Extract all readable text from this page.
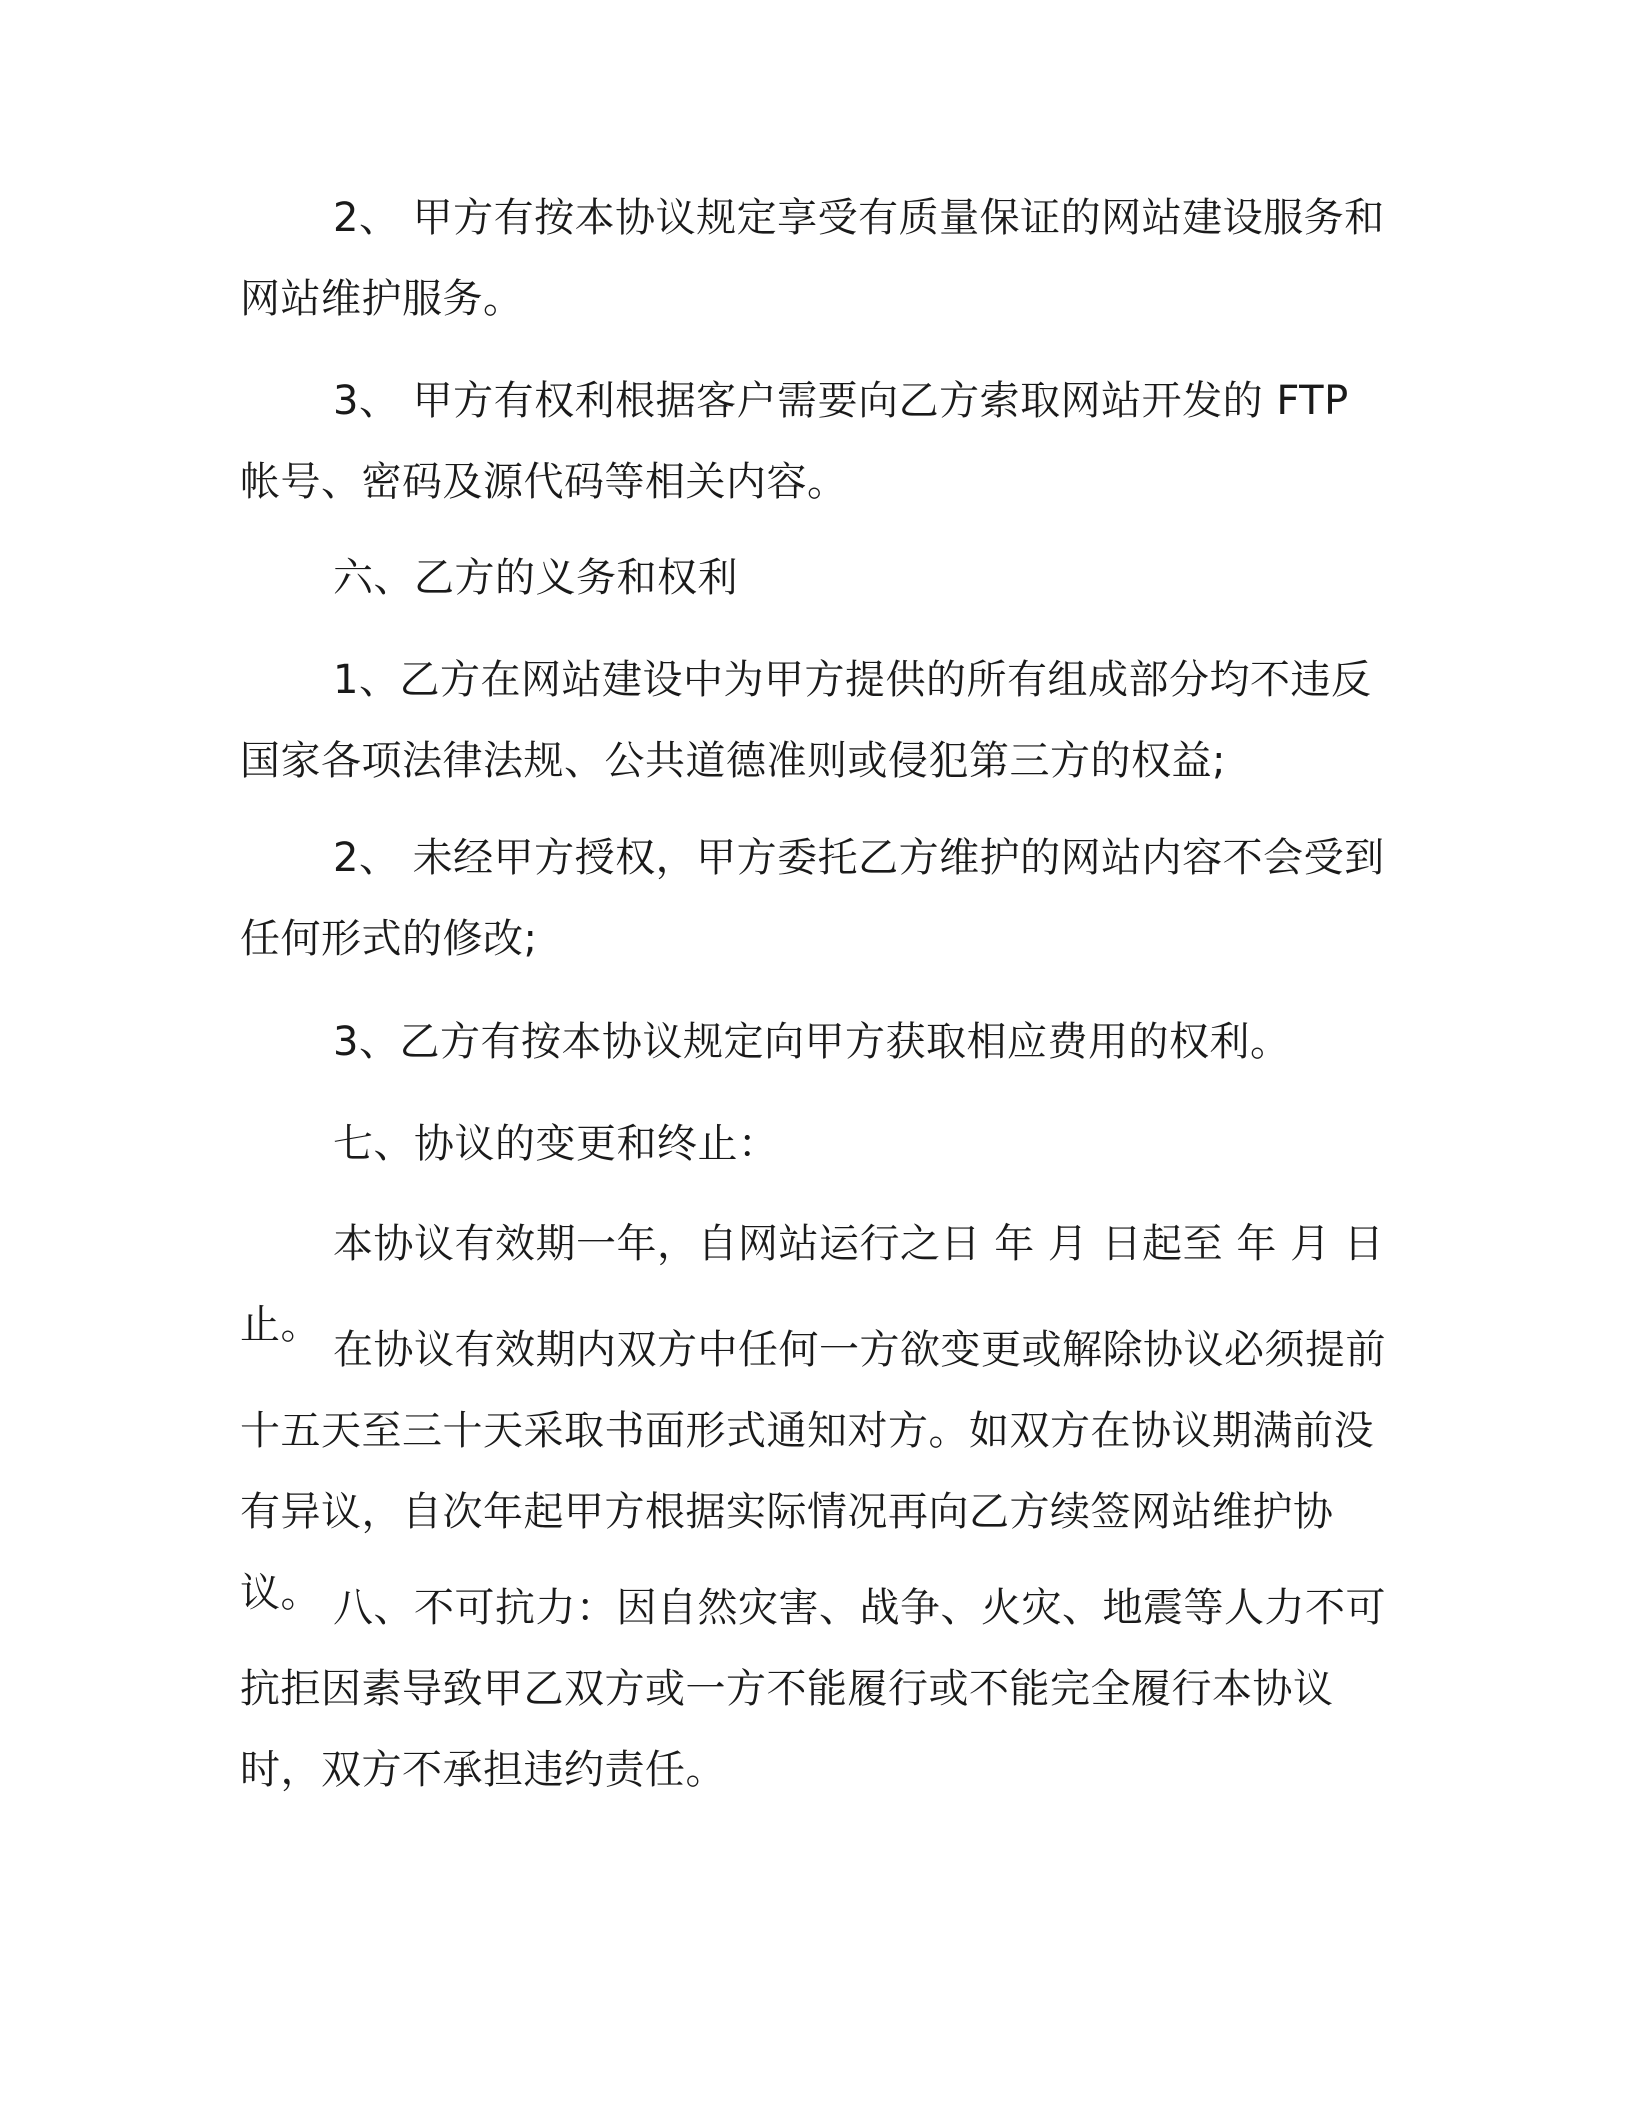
2、 甲方有按本协议规定享受有质量保证的网站建设服务和网站维护服务。

3、 甲方有权利根据客户需要向乙方索取网站开发的 FTP 帐号、密码及源代码等相关内容。

六、乙方的义务和权利

1、乙方在网站建设中为甲方提供的所有组成部分均不违反国家各项法律法规、公共道德准则或侵犯第三方的权益;

2、 未经甲方授权，甲方委托乙方维护的网站内容不会受到任何形式的修改;

3、乙方有按本协议规定向甲方获取相应费用的权利。

七、协议的变更和终止：

本协议有效期一年，自网站运行之日 年 月 日起至 年 月 日止。

在协议有效期内双方中任何一方欲变更或解除协议必须提前十五天至三十天采取书面形式通知对方。如双方在协议期满前没有异议，自次年起甲方根据实际情况再向乙方续签网站维护协议。 八、不可抗力：因自然灾害、战争、火灾、地震等人力不可抗拒因素导致甲乙双方或一方不能履行或不能完全履行本协议时，双方不承担违约责任。
